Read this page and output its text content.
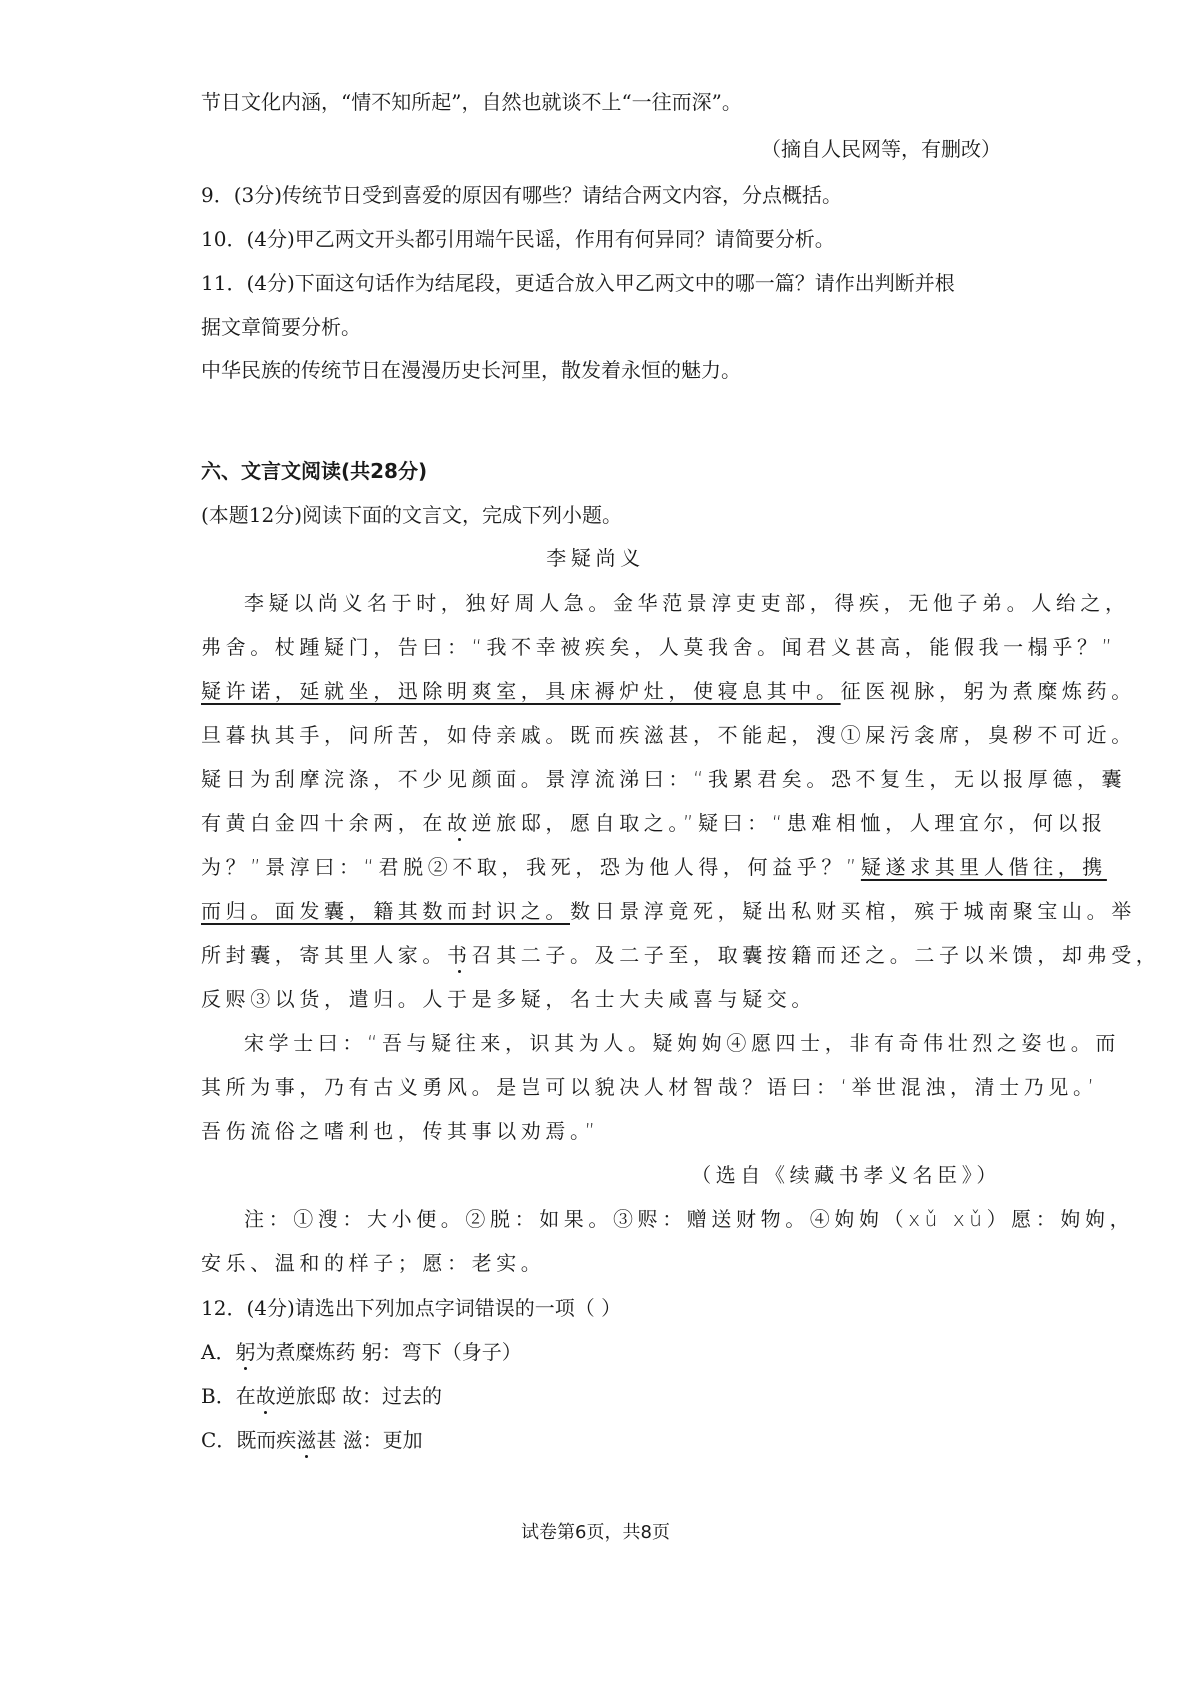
节日文化内涵，“情不知所起”，自然也就谈不上“一往而深”。
（摘自人民网等，有删改）
9．(3分)传统节日受到喜爱的原因有哪些？请结合两文内容，分点概括。
10．(4分)甲乙两文开头都引用端午民谣，作用有何异同？请简要分析。
11．(4分)下面这句话作为结尾段，更适合放入甲乙两文中的哪一篇？请作出判断并根
据文章简要分析。
中华民族的传统节日在漫漫历史长河里，散发着永恒的魅力。
六、文言文阅读(共28分)
(本题12分)阅读下面的文言文，完成下列小题。
李疑尚义
李疑以尚义名于时，独好周人急。金华范景淳吏吏部，得疾，无他子弟。人绐之，
弗舍。杖踵疑门，告曰：“我不幸被疾矣，人莫我舍。闻君义甚高，能假我一榻乎？”
疑许诺，延就坐，迅除明爽室，具床褥炉灶，使寝息其中。征医视脉，躬为煮糜炼药。
旦暮执其手，问所苦，如侍亲戚。既而疾滋甚，不能起，溲①屎污衾席，臭秽不可近。
疑日为刮摩浣涤，不少见颜面。景淳流涕曰：“我累君矣。恐不复生，无以报厚德，囊
有黄白金四十余两，在故逆旅邸，愿自取之。”疑曰：“患难相恤，人理宜尔，何以报
为？”景淳曰：“君脱②不取，我死，恐为他人得，何益乎？”疑遂求其里人偕往，携
而归。面发囊，籍其数而封识之。数日景淳竟死，疑出私财买棺，殡于城南聚宝山。举
所封囊，寄其里人家。书召其二子。及二子至，取囊按籍而还之。二子以米馈，却弗受，
反赆③以货，遣归。人于是多疑，名士大夫咸喜与疑交。
宋学士曰：“吾与疑往来，识其为人。疑姁姁④愿四士，非有奇伟壮烈之姿也。而
其所为事，乃有古义勇风。是岂可以貌决人材智哉？语曰：‘举世混浊，清士乃见。’
吾伤流俗之嗜利也，传其事以劝焉。”
（选自《续藏书孝义名臣》）
注：①溲：大小便。②脱：如果。③赆：赠送财物。④姁姁（xǔ xǔ）愿：姁姁，
安乐、温和的样子；愿：老实。
12．(4分)请选出下列加点字词错误的一项（ ）
A．躬为煮糜炼药 躬：弯下（身子）
B．在故逆旅邸 故：过去的
C．既而疾滋甚 滋：更加
试卷第6页，共8页
